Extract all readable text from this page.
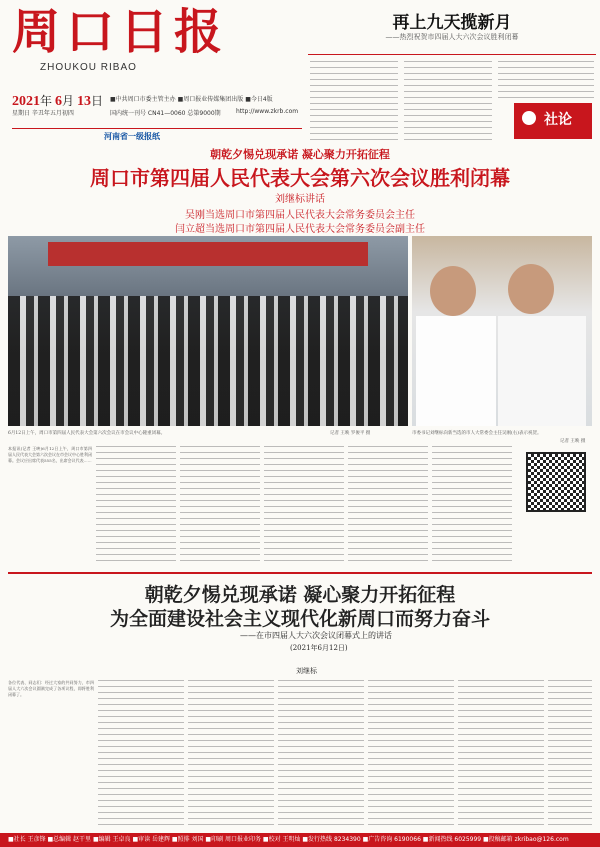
周口日报
ZHOUKOU RIBAO
2021年 6月 13日 ■中共周口市委主管主办 ■周口报业传媒集团出版 ■今日4版
星期日 辛丑年五月初四	国内统一刊号 CN41—0060 总第9000期	http://www.zkrb.com
河南省一级报纸
再上九天揽新月
——热烈祝贺市四届人大六次会议胜利闭幕
社论
朝乾夕惕兑现承诺 凝心聚力开拓征程
周口市第四届人民代表大会第六次会议胜利闭幕
刘继标讲话
吴刚当选周口市第四届人民代表大会常务委员会主任
闫立超当选周口市第四届人民代表大会常务委员会副主任
6月12日上午，周口市第四届人民代表大会第六次会议在市会议中心隆重闭幕。	记者 王映 罗俊平 摄	市委书记刘继标向新当选的市人大常委会主任吴刚(右)表示祝贺。
记者 王映 摄
本报讯(记者 王映)6月12日上午，周口市第四届人民代表大会第六次会议在市会议中心胜利闭幕。会议应出席代表555名，出席会议代表……
朝乾夕惕兑现承诺 凝心聚力开拓征程
为全面建设社会主义现代化新周口而努力奋斗
——在市四届人大六次会议闭幕式上的讲话
(2021年6月12日)
刘继标
各位代表、同志们：经过大家的共同努力，市四届人大六次会议圆满完成了各项议程，即将胜利闭幕了。
■社长 王彦锋 ■总编辑 赵干里 ■编辑 王卓良 ■审读 岳建辉 ■照排 刘国 ■印刷 周口报业印务 ■校对 王明灿 ■发行热线 8234390 ■广告咨询 6190066 ■新闻热线 6025999 ■投稿邮箱 zkribao@126.com
